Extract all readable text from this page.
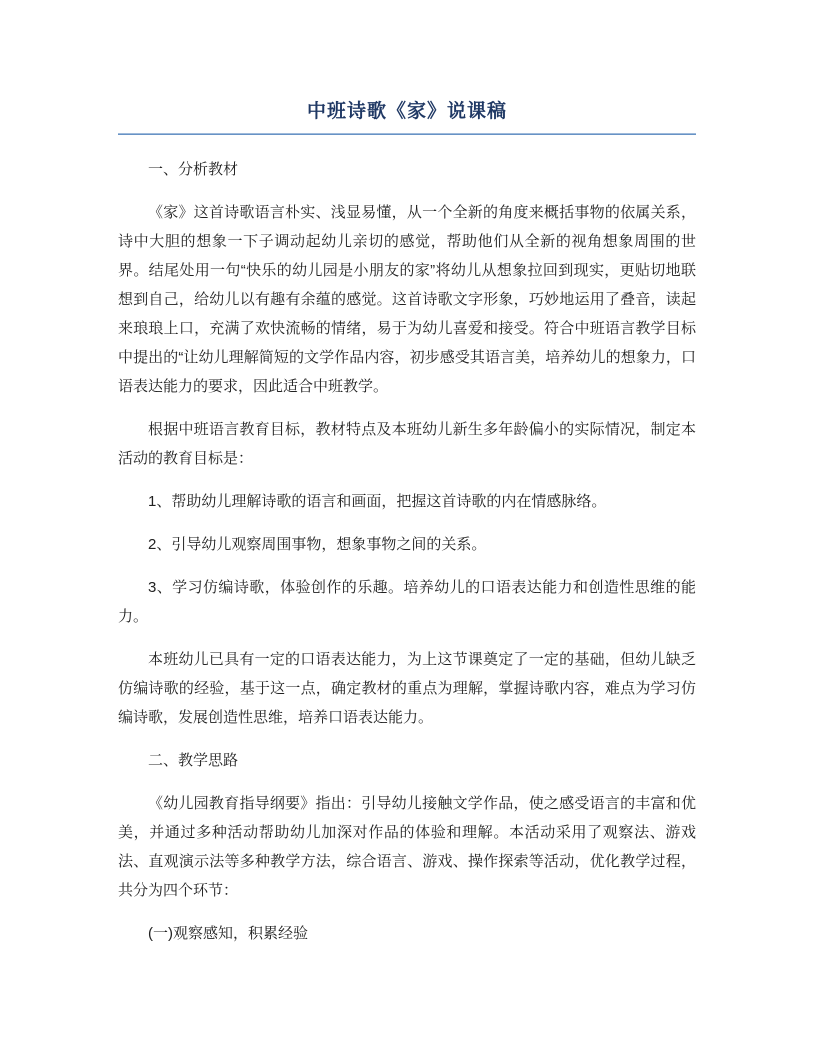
中班诗歌《家》说课稿

一、分析教材

《家》这首诗歌语言朴实、浅显易懂，从一个全新的角度来概括事物的依属关系，诗中大胆的想象一下子调动起幼儿亲切的感觉，帮助他们从全新的视角想象周围的世界。结尾处用一句“快乐的幼儿园是小朋友的家”将幼儿从想象拉回到现实，更贴切地联想到自己，给幼儿以有趣有余蕴的感觉。这首诗歌文字形象，巧妙地运用了叠音，读起来琅琅上口，充满了欢快流畅的情绪，易于为幼儿喜爱和接受。符合中班语言教学目标中提出的“让幼儿理解简短的文学作品内容，初步感受其语言美，培养幼儿的想象力，口语表达能力的要求，因此适合中班教学。

根据中班语言教育目标，教材特点及本班幼儿新生多年龄偏小的实际情况，制定本活动的教育目标是：

1、帮助幼儿理解诗歌的语言和画面，把握这首诗歌的内在情感脉络。

2、引导幼儿观察周围事物，想象事物之间的关系。

3、学习仿编诗歌，体验创作的乐趣。培养幼儿的口语表达能力和创造性思维的能力。

本班幼儿已具有一定的口语表达能力，为上这节课奠定了一定的基础，但幼儿缺乏仿编诗歌的经验，基于这一点，确定教材的重点为理解，掌握诗歌内容，难点为学习仿编诗歌，发展创造性思维，培养口语表达能力。

二、教学思路

《幼儿园教育指导纲要》指出：引导幼儿接触文学作品，使之感受语言的丰富和优美，并通过多种活动帮助幼儿加深对作品的体验和理解。本活动采用了观察法、游戏法、直观演示法等多种教学方法，综合语言、游戏、操作探索等活动，优化教学过程，共分为四个环节：

(一)观察感知，积累经验
